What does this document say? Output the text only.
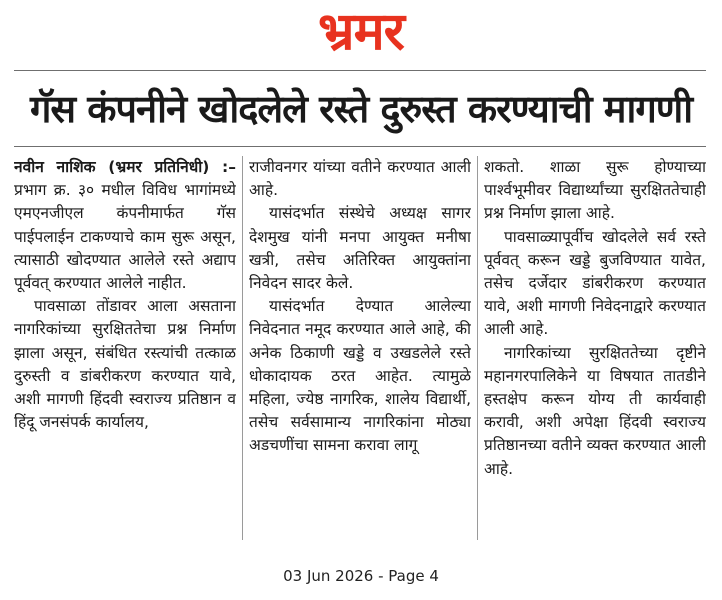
भ्रमर
गॅस कंपनीने खोदलेले रस्ते दुरुस्त करण्याची मागणी

नवीन नाशिक (भ्रमर प्रतिनिधी) :– प्रभाग क्र. ३० मधील विविध भागांमध्ये एमएनजीएल कंपनीमार्फत गॅस पाईपलाईन टाकण्याचे काम सुरू असून, त्यासाठी खोदण्यात आलेले रस्ते अद्याप पूर्ववत् करण्यात आलेले नाहीत.

पावसाळा तोंडावर आला असताना नागरिकांच्या सुरक्षिततेचा प्रश्न निर्माण झाला असून, संबंधित रस्त्यांची तत्काळ दुरुस्ती व डांबरीकरण करण्यात यावे, अशी मागणी हिंदवी स्वराज्य प्रतिष्ठान व हिंदू जनसंपर्क कार्यालय,

राजीवनगर यांच्या वतीने करण्यात आली आहे.

यासंदर्भात संस्थेचे अध्यक्ष सागर देशमुख यांनी मनपा आयुक्त मनीषा खत्री, तसेच अतिरिक्त आयुक्तांना निवेदन सादर केले.

यासंदर्भात देण्यात आलेल्या निवेदनात नमूद करण्यात आले आहे, की अनेक ठिकाणी खड्डे व उखडलेले रस्ते धोकादायक ठरत आहेत. त्यामुळे महिला, ज्येष्ठ नागरिक, शालेय विद्यार्थी, तसेच सर्वसामान्य नागरिकांना मोठ्या अडचणींचा सामना करावा लागू

शकतो. शाळा सुरू होण्याच्या पार्श्वभूमीवर विद्यार्थ्यांच्या सुरक्षिततेचाही प्रश्न निर्माण झाला आहे.

पावसाळ्यापूर्वीच खोदलेले सर्व रस्ते पूर्ववत् करून खड्डे बुजविण्यात यावेत, तसेच दर्जेदार डांबरीकरण करण्यात यावे, अशी मागणी निवेदनाद्वारे करण्यात आली आहे.

नागरिकांच्या सुरक्षिततेच्या दृष्टीने महानगरपालिकेने या विषयात तातडीने हस्तक्षेप करून योग्य ती कार्यवाही करावी, अशी अपेक्षा हिंदवी स्वराज्य प्रतिष्ठानच्या वतीने व्यक्त करण्यात आली आहे.

03 Jun 2026 - Page 4
